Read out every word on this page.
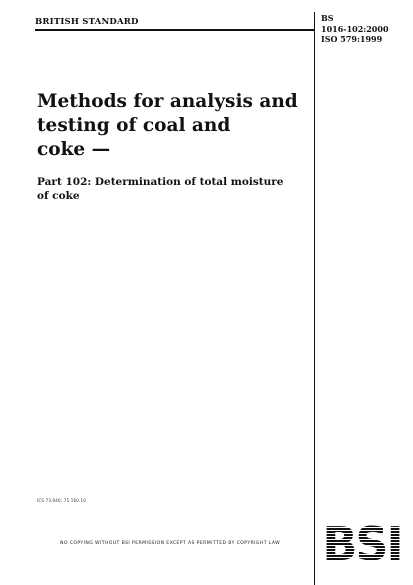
BRITISH STANDARD	BS
1016-102:2000
ISO 579:1999
Methods for analysis and
testing of coal and
coke —
Part 102: Determination of total moisture
of coke
ICS 73.040; 75.160.10
NO COPYING WITHOUT BSI PERMISSION EXCEPT AS PERMITTED BY COPYRIGHT LAW
